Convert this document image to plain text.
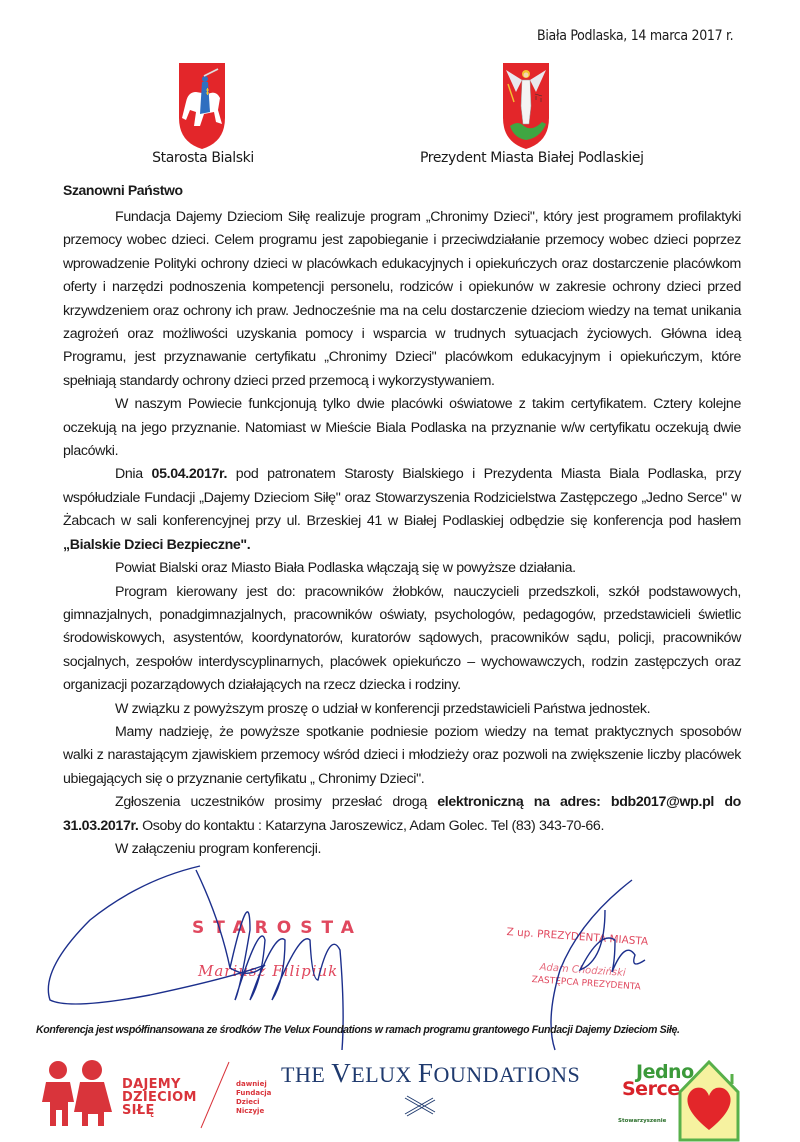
Biała Podlaska, 14 marca 2017 r.
Starosta Bialski	Prezydent Miasta Białej Podlaskiej
Szanowni Państwo

Fundacja Dajemy Dzieciom Siłę realizuje program „Chronimy Dzieci", który jest programem profilaktyki przemocy wobec dzieci. Celem programu jest zapobieganie i przeciwdziałanie przemocy wobec dzieci poprzez wprowadzenie Polityki ochrony dzieci w placówkach edukacyjnych i opiekuńczych oraz dostarczenie placówkom oferty i narzędzi podnoszenia kompetencji personelu, rodziców i opiekunów w zakresie ochrony dzieci przed krzywdzeniem oraz ochrony ich praw. Jednocześnie ma na celu dostarczenie dzieciom wiedzy na temat unikania zagrożeń oraz możliwości uzyskania pomocy i wsparcia w trudnych sytuacjach życiowych. Główna ideą Programu, jest przyznawanie certyfikatu „Chronimy Dzieci" placówkom edukacyjnym i opiekuńczym, które spełniają standardy ochrony dzieci przed przemocą i wykorzystywaniem.

W naszym Powiecie funkcjonują tylko dwie placówki oświatowe z takim certyfikatem. Cztery kolejne oczekują na jego przyznanie. Natomiast w Mieście Biala Podlaska na przyznanie w/w certyfikatu oczekują dwie placówki.

Dnia 05.04.2017r. pod patronatem Starosty Bialskiego i Prezydenta Miasta Biala Podlaska, przy współudziale Fundacji „Dajemy Dzieciom Siłę" oraz Stowarzyszenia Rodzicielstwa Zastępczego „Jedno Serce" w Żabcach w sali konferencyjnej przy ul. Brzeskiej 41 w Białej Podlaskiej odbędzie się konferencja pod hasłem „Bialskie Dzieci Bezpieczne".

Powiat Bialski oraz Miasto Biała Podlaska włączają się w powyższe działania.

Program kierowany jest do: pracowników żłobków, nauczycieli przedszkoli, szkół podstawowych, gimnazjalnych, ponadgimnazjalnych, pracowników oświaty, psychologów, pedagogów, przedstawicieli świetlic środowiskowych, asystentów, koordynatorów, kuratorów sądowych, pracowników sądu, policji, pracowników socjalnych, zespołów interdyscyplinarnych, placówek opiekuńczo – wychowawczych, rodzin zastępczych oraz organizacji pozarządowych działających na rzecz dziecka i rodziny.

W związku z powyższym proszę o udział w konferencji przedstawicieli Państwa jednostek.

Mamy nadzieję, że powyższe spotkanie podniesie poziom wiedzy na temat praktycznych sposobów walki z narastającym zjawiskiem przemocy wśród dzieci i młodzieży oraz pozwoli na zwiększenie liczby placówek ubiegających się o przyznanie certyfikatu „ Chronimy Dzieci".

Zgłoszenia uczestników prosimy przesłać drogą elektroniczną na adres: bdb2017@wp.pl do 31.03.2017r. Osoby do kontaktu : Katarzyna Jaroszewicz, Adam Golec. Tel (83) 343-70-66.

W załączeniu program konferencji.

STAROSTA
Mariusz Filipiuk
Z up. PREZYDENTA MIASTA
Adam Chodziński
ZASTĘPCA PREZYDENTA
Konferencja jest współfinansowana ze środków The Velux Foundations w ramach programu grantowego Fundacji Dajemy Dzieciom Siłę.
DAJEMY
DZIECIOM
SIŁĘ
dawniej
Fundacja
Dzieci
Niczyje
THE VELUX FOUNDATIONS	Jedno
Serce
Stowarzyszenie
